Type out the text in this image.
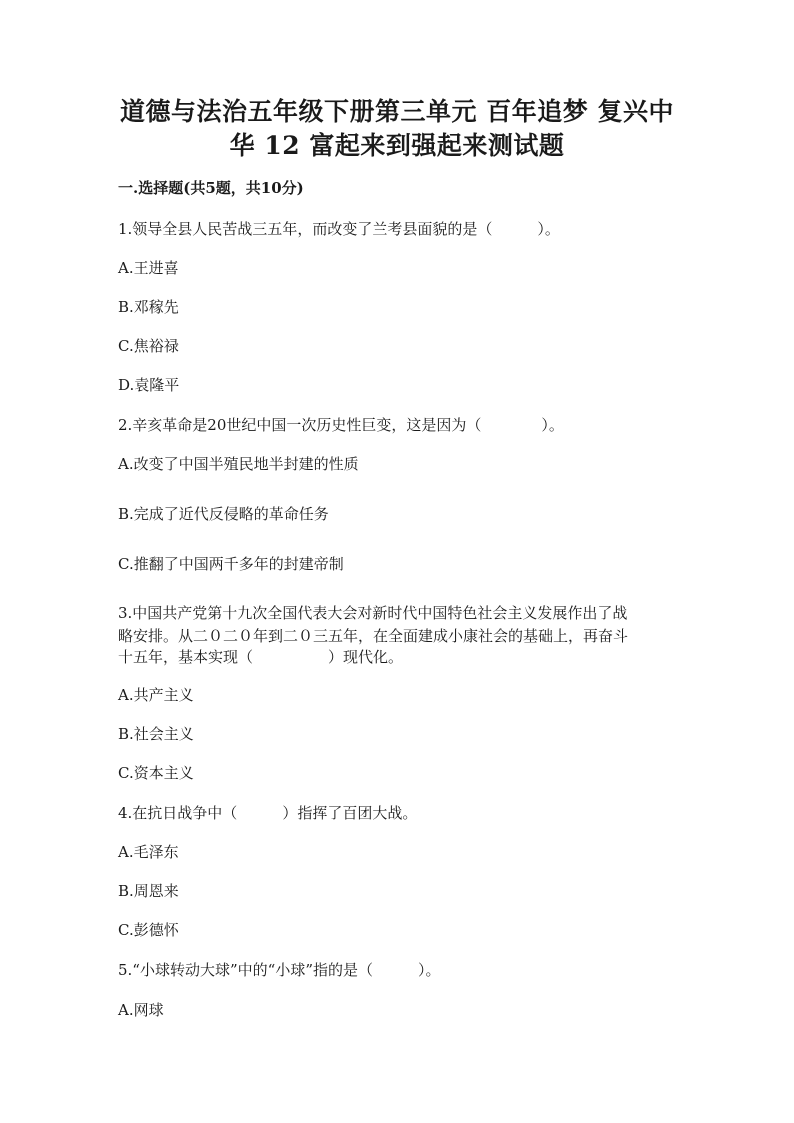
道德与法治五年级下册第三单元 百年追梦 复兴中
华 12 富起来到强起来测试题
一.选择题(共5题，共10分)
1.领导全县人民苦战三五年，而改变了兰考县面貌的是（　　　）。
A.王进喜
B.邓稼先
C.焦裕禄
D.袁隆平
2.辛亥革命是20世纪中国一次历史性巨变，这是因为（　　　　）。
A.改变了中国半殖民地半封建的性质
B.完成了近代反侵略的革命任务
C.推翻了中国两千多年的封建帝制
3.中国共产党第十九次全国代表大会对新时代中国特色社会主义发展作出了战
略安排。从二０二０年到二０三五年，在全面建成小康社会的基础上，再奋斗
十五年，基本实现（　　　　　）现代化。
A.共产主义
B.社会主义
C.资本主义
4.在抗日战争中（　　　）指挥了百团大战。
A.毛泽东
B.周恩来
C.彭德怀
5.“小球转动大球”中的“小球”指的是（　　　）。
A.网球
